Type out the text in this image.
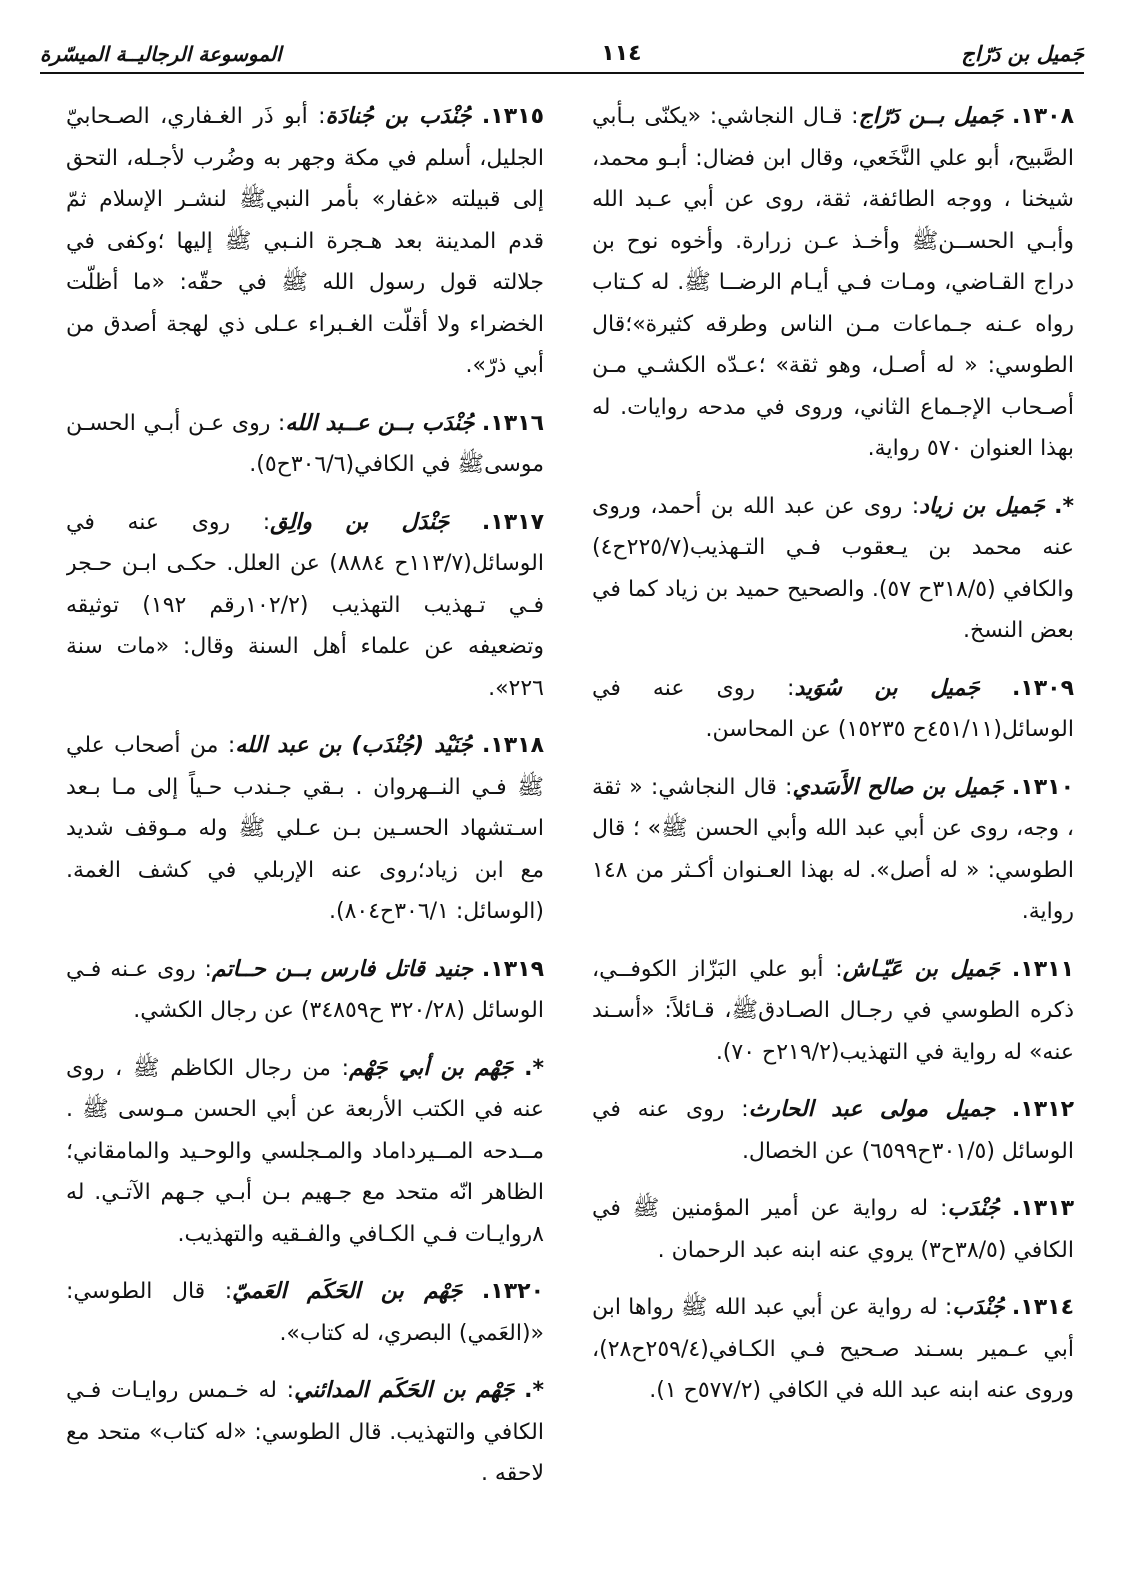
جَميل بن دَرّاج
١١٤
الموسوعة الرجاليــة الميسّرة

١٣٠٨. جَميل بــن دَرّاج: قـال النجاشي: «يكنّى بـأبي الصَّبيح، أبو علي النَّخَعي، وقال ابن فضال: أبـو محمد، شيخنا ، ووجه الطائفة، ثقة، روى عن أبي عـبد الله وأبـي الحســنﷺ وأخـذ عـن زرارة. وأخوه نوح بن دراج القـاضي، ومـات فـي أيـام الرضــا ﷺ. له كـتاب رواه عـنه جـماعات مـن الناس وطرقه كثيرة»؛قال الطوسي: « له أصـل، وهو ثقة» ؛عـدّه الكشـي مـن أصـحاب الإجـماع الثاني، وروى في مدحه روايات. له بهذا العنوان ٥٧٠ رواية.

*. جَميل بن زياد: روى عن عبد الله بن أحمد، وروى عنه محمد بن يـعقوب فـي التـهذيب(٢٢٥/٧ح٤) والكافي (٣١٨/٥ح ٥٧). والصحيح حميد بن زياد كما في بعض النسخ.

١٣٠٩. جَميل بن سُوَيد: روى عنه في الوسائل(٤٥١/١١ح ١٥٢٣٥) عن المحاسن.

١٣١٠. جَميل بن صالح الأَسَدي: قال النجاشي: « ثقة ، وجه، روى عن أبي عبد الله وأبي الحسن ﷺ» ؛ قال الطوسي: « له أصل». له بهذا العـنوان أكـثر من ١٤٨ رواية.

١٣١١. جَميل بن عَيّـاش: أبو علي البَزّاز الكوفــي، ذكره الطوسي في رجـال الصـادقﷺ، قـائلاً: «أسـند عنه» له رواية في التهذيب(٢١٩/٢ح ٧٠).

١٣١٢. جميل مولى عبد الحارث: روى عنه في الوسائل (٣٠١/٥ح٦٥٩٩) عن الخصال.

١٣١٣. جُنْدَب: له رواية عن أمير المؤمنين ﷺ في الكافي (٣٨/٥ح٣) يروي عنه ابنه عبد الرحمان .

١٣١٤. جُنْدَب: له رواية عن أبي عبد الله ﷺ رواها ابن أبي عـمير بسـند صـحيح فـي الكـافي(٢٥٩/٤ح٢٨)، وروى عنه ابنه عبد الله في الكافي (٥٧٧/٢ح ١).

١٣١٥. جُنْدَب بن جُنادَة: أبو ذَر الغـفاري، الصـحابيّ الجليل، أسلم في مكة وجهر به وضُرب لأجـله، التحق إلى قبيلته «غفار» بأمر النبيﷺ لنشـر الإسلام ثمّ قدم المدينة بعد هـجرة النـبي ﷺ إليها ؛وكفى في جلالته قول رسول الله ﷺ في حقّه: «ما أظلّت الخضراء ولا أقلّت الغـبراء عـلى ذي لهجة أصدق من أبي ذرّ».

١٣١٦. جُنْدَب بــن عــبد الله: روى عـن أبـي الحسـن موسىﷺ في الكافي(٣٠٦/٦ح٥).

١٣١٧. جَنْدَل بن والِق: روى عنه في الوسائل(١١٣/٧ح ٨٨٨٤) عن العلل. حكـى ابـن حـجر فـي تـهذيب التهذيب (١٠٢/٢رقم ١٩٢) توثيقه وتضعيفه عن علماء أهل السنة وقال: «مات سنة ٢٢٦».

١٣١٨. جُنَيْد (جُنْدَب) بن عبد الله: من أصحاب علي ﷺ فـي النــهروان . بـقي جـندب حـياً إلى مـا بـعد اسـتشهاد الحسـين بـن عـلي ﷺ وله مـوقف شديد مع ابن زياد؛روى عنه الإربلي في كشف الغمة.(الوسائل: ٣٠٦/١ح٨٠٤).

١٣١٩. جنيد قاتل فارس بــن حــاتم: روى عـنه فـي الوسائل (٣٢٠/٢٨ ح٣٤٨٥٩) عن رجال الكشي.

*. جَهْم بن أبي جَهْم: من رجال الكاظم ﷺ ، روى عنه في الكتب الأربعة عن أبي الحسن مـوسى ﷺ . مــدحه المــيرداماد والمـجلسي والوحـيد والمامقاني؛الظاهر انّه متحد مع جـهيم بـن أبـي جـهم الآتـي. له ٨روايـات فـي الكـافي والفـقيه والتهذيب.

١٣٢٠. جَهْم بن الحَكَم العَميّ: قال الطوسي: «(العَمي) البصري، له كتاب».

*. جَهْم بن الحَكَم المدائني: له خـمس روايـات فـي الكافي والتهذيب. قال الطوسي: «له كتاب» متحد مع لاحقه .
